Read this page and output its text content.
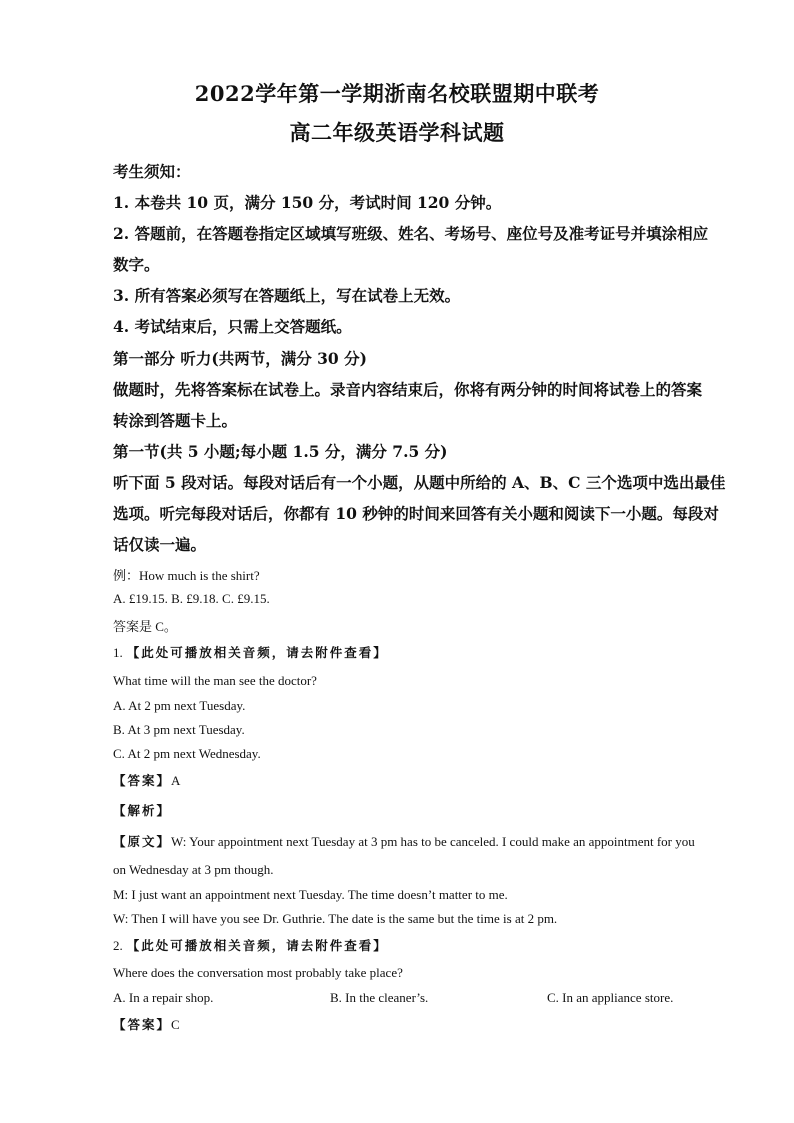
2022学年第一学期浙南名校联盟期中联考
高二年级英语学科试题
考生须知：
1. 本卷共 10 页，满分 150 分，考试时间 120 分钟。
2. 答题前，在答题卷指定区域填写班级、姓名、考场号、座位号及准考证号并填涂相应
数字。
3. 所有答案必须写在答题纸上，写在试卷上无效。
4. 考试结束后，只需上交答题纸。
第一部分 听力(共两节，满分 30 分)
做题时，先将答案标在试卷上。录音内容结束后，你将有两分钟的时间将试卷上的答案
转涂到答题卡上。
第一节(共 5 小题;每小题 1.5 分，满分 7.5 分)
听下面 5 段对话。每段对话后有一个小题，从题中所给的 A、B、C 三个选项中选出最佳
选项。听完每段对话后，你都有 10 秒钟的时间来回答有关小题和阅读下一小题。每段对
话仅读一遍。
例：How much is the shirt?
A. £19.15. B. £9.18. C. £9.15.
答案是 C。
1. 【此处可播放相关音频，请去附件查看】
What time will the man see the doctor?
A. At 2 pm next Tuesday.
B. At 3 pm next Tuesday.
C. At 2 pm next Wednesday.
【答案】A
【解析】
【原文】W: Your appointment next Tuesday at 3 pm has to be canceled. I could make an appointment for you
on Wednesday at 3 pm though.
M: I just want an appointment next Tuesday. The time doesn’t matter to me.
W: Then I will have you see Dr. Guthrie. The date is the same but the time is at 2 pm.
2. 【此处可播放相关音频，请去附件查看】
Where does the conversation most probably take place?
A. In a repair shop.	B. In the cleaner’s.	C. In an appliance store.
【答案】C
